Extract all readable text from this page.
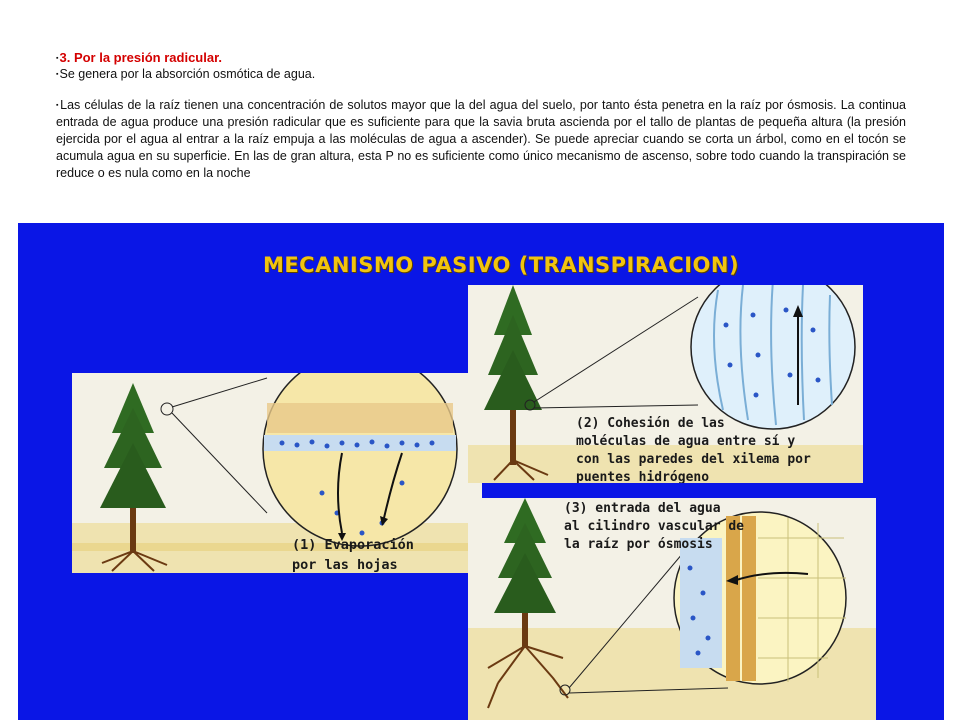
▪3. Por la presión radicular.

▪Se genera por la absorción osmótica de agua.

▪Las células de la raíz tienen una concentración de solutos mayor que la del agua del suelo, por tanto ésta penetra en la raíz por ósmosis. La continua entrada de agua produce una presión radicular que es suficiente para que la savia bruta ascienda por el tallo de plantas de pequeña altura (la presión ejercida por el agua al entrar a la raíz empuja a las moléculas de agua a ascender). Se puede apreciar cuando se corta un árbol, como en el tocón se acumula agua en su superficie. En las de gran altura, esta P no es suficiente como único mecanismo de ascenso, sobre todo cuando la transpiración se reduce o es nula como en la noche

MECANISMO PASIVO (TRANSPIRACION)
(1) Evaporación
por las hojas
(2) Cohesión de las
moléculas de agua entre sí y
con las paredes del xilema por
puentes hidrógeno
(3) entrada del agua
al cilindro vascular de
la raíz por ósmosis
